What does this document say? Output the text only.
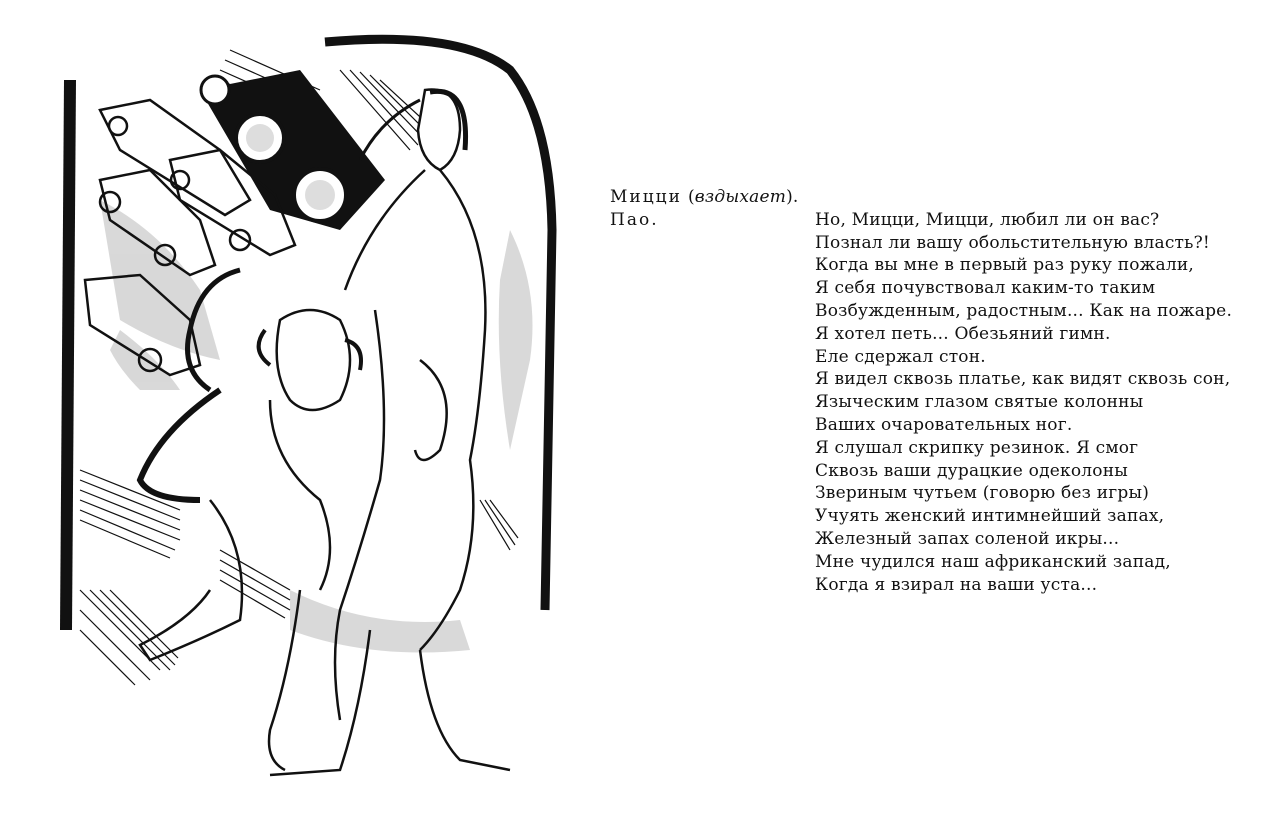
Мицци ( вздыхает ).
Пао.	Но, Мицци, Мицци, любил ли он вас?
Познал ли вашу обольстительную власть?!
Когда вы мне в первый раз руку пожали,
Я себя почувствовал каким-то таким
Возбужденным, радостным... Как на пожаре.
Я хотел петь... Обезьяний гимн.
Еле сдержал стон.
Я видел сквозь платье, как видят сквозь сон,
Языческим глазом святые колонны
Ваших очаровательных ног.
Я слушал скрипку резинок. Я смог
Сквозь ваши дурацкие одеколоны
Звериным чутьем (говорю без игры)
Учуять женский интимнейший запах,
Железный запах соленой икры...
Мне чудился наш африканский запад,
Когда я взирал на ваши уста...
